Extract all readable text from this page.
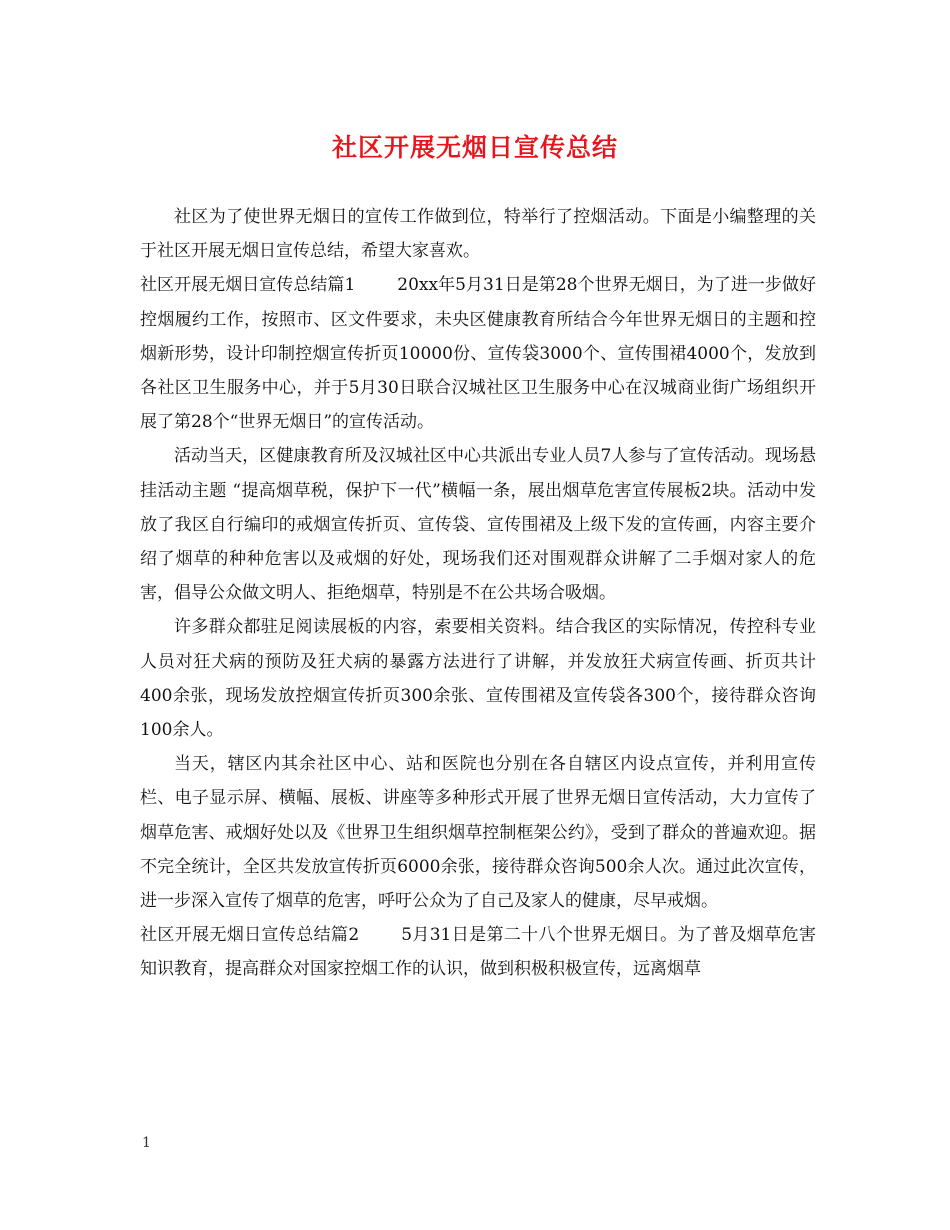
社区开展无烟日宣传总结

社区为了使世界无烟日的宣传工作做到位，特举行了控烟活动。下面是小编整理的关于社区开展无烟日宣传总结，希望大家喜欢。

社区开展无烟日宣传总结篇1 20xx年5月31日是第28个世界无烟日，为了进一步做好控烟履约工作，按照市、区文件要求，未央区健康教育所结合今年世界无烟日的主题和控烟新形势，设计印制控烟宣传折页10000份、宣传袋3000个、宣传围裙4000个，发放到各社区卫生服务中心，并于5月30日联合汉城社区卫生服务中心在汉城商业街广场组织开展了第28个“世界无烟日”的宣传活动。

活动当天，区健康教育所及汉城社区中心共派出专业人员7人参与了宣传活动。现场悬挂活动主题 “提高烟草税，保护下一代”横幅一条，展出烟草危害宣传展板2块。活动中发放了我区自行编印的戒烟宣传折页、宣传袋、宣传围裙及上级下发的宣传画，内容主要介绍了烟草的种种危害以及戒烟的好处，现场我们还对围观群众讲解了二手烟对家人的危害，倡导公众做文明人、拒绝烟草，特别是不在公共场合吸烟。

许多群众都驻足阅读展板的内容，索要相关资料。结合我区的实际情况，传控科专业人员对狂犬病的预防及狂犬病的暴露方法进行了讲解，并发放狂犬病宣传画、折页共计400余张，现场发放控烟宣传折页300余张、宣传围裙及宣传袋各300个，接待群众咨询100余人。

当天，辖区内其余社区中心、站和医院也分别在各自辖区内设点宣传，并利用宣传栏、电子显示屏、横幅、展板、讲座等多种形式开展了世界无烟日宣传活动，大力宣传了烟草危害、戒烟好处以及《世界卫生组织烟草控制框架公约》，受到了群众的普遍欢迎。据不完全统计，全区共发放宣传折页6000余张，接待群众咨询500余人次。通过此次宣传，进一步深入宣传了烟草的危害，呼吁公众为了自己及家人的健康，尽早戒烟。

社区开展无烟日宣传总结篇2 5月31日是第二十八个世界无烟日。为了普及烟草危害知识教育，提高群众对国家控烟工作的认识，做到积极积极宣传，远离烟草

1
